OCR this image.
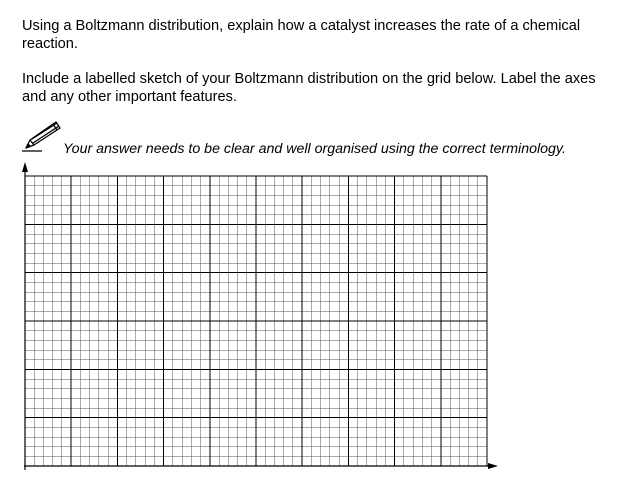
Using a Boltzmann distribution, explain how a catalyst increases the rate of a chemical reaction.

Include a labelled sketch of your Boltzmann distribution on the grid below. Label the axes and any other important features.

Your answer needs to be clear and well organised using the correct terminology.
